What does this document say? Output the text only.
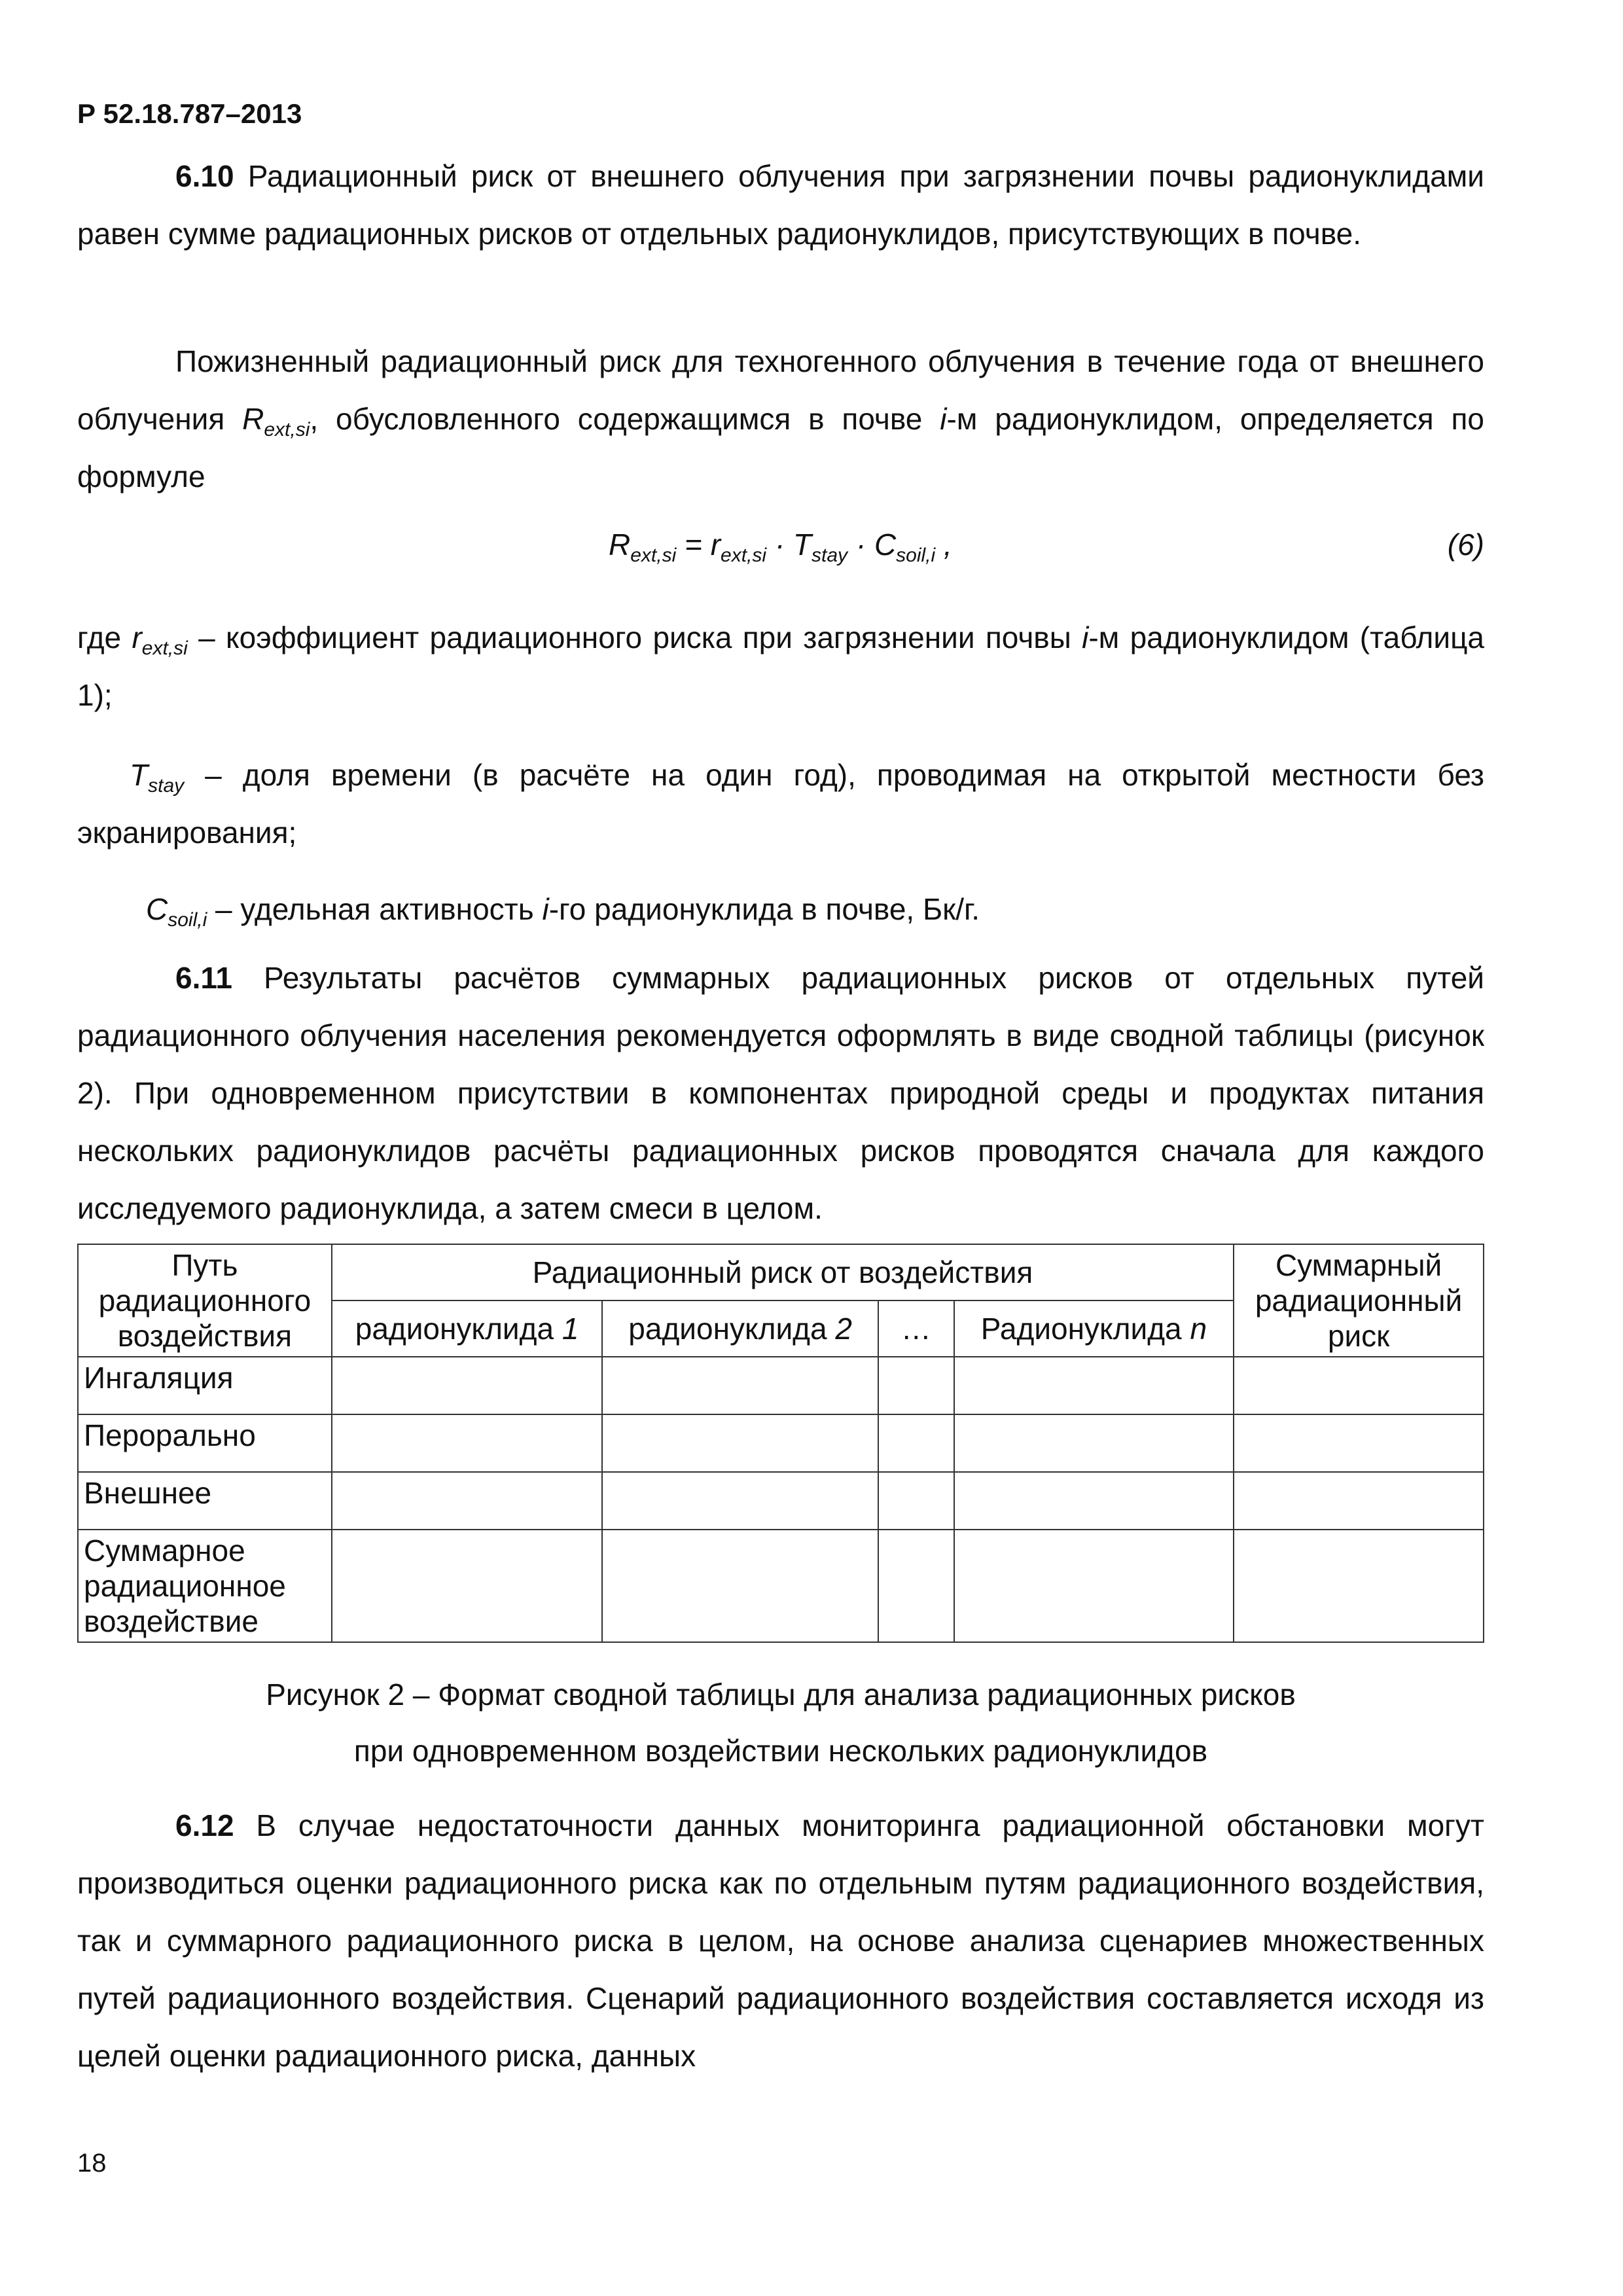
Р 52.18.787–2013

6.10 Радиационный риск от внешнего облучения при загрязнении почвы радионуклидами равен сумме радиационных рисков от отдельных радионуклидов, присутствующих в почве.

Пожизненный радиационный риск для техногенного облучения в течение года от внешнего облучения $R_{ext,si}$, обусловленного содержащимся в почве i-м радионуклидом, определяется по формуле

$R_{ext,si} = r_{ext,si} \cdot T_{stay} \cdot C_{soil,i}$ ,	(6)

где $r_{ext,si}$ – коэффициент радиационного риска при загрязнении почвы i-м радионуклидом (таблица 1);

$T_{stay}$ – доля времени (в расчёте на один год), проводимая на открытой местности без экранирования;

$C_{soil,i}$ – удельная активность i-го радионуклида в почве, Бк/г.

6.11 Результаты расчётов суммарных радиационных рисков от отдельных путей радиационного облучения населения рекомендуется оформлять в виде сводной таблицы (рисунок 2). При одновременном присутствии в компонентах природной среды и продуктах питания нескольких радионуклидов расчёты радиационных рисков проводятся сначала для каждого исследуемого радионуклида, а затем смеси в целом.

Путь радиационного воздействия	Радиационный риск от воздействия				Суммарный радиационный риск
	радионуклида 1	радионуклида 2	…	Радионуклида n	
Ингаляция					
Перорально					
Внешнее					
Суммарное радиационное воздействие					
Рисунок 2 – Формат сводной таблицы для анализа радиационных рисков
при одновременном воздействии нескольких радионуклидов

6.12 В случае недостаточности данных мониторинга радиационной обстановки могут производиться оценки радиационного риска как по отдельным путям радиационного воздействия, так и суммарного радиационного риска в целом, на основе анализа сценариев множественных путей радиационного воздействия. Сценарий радиационного воздействия составляется исходя из целей оценки радиационного риска, данных

18
